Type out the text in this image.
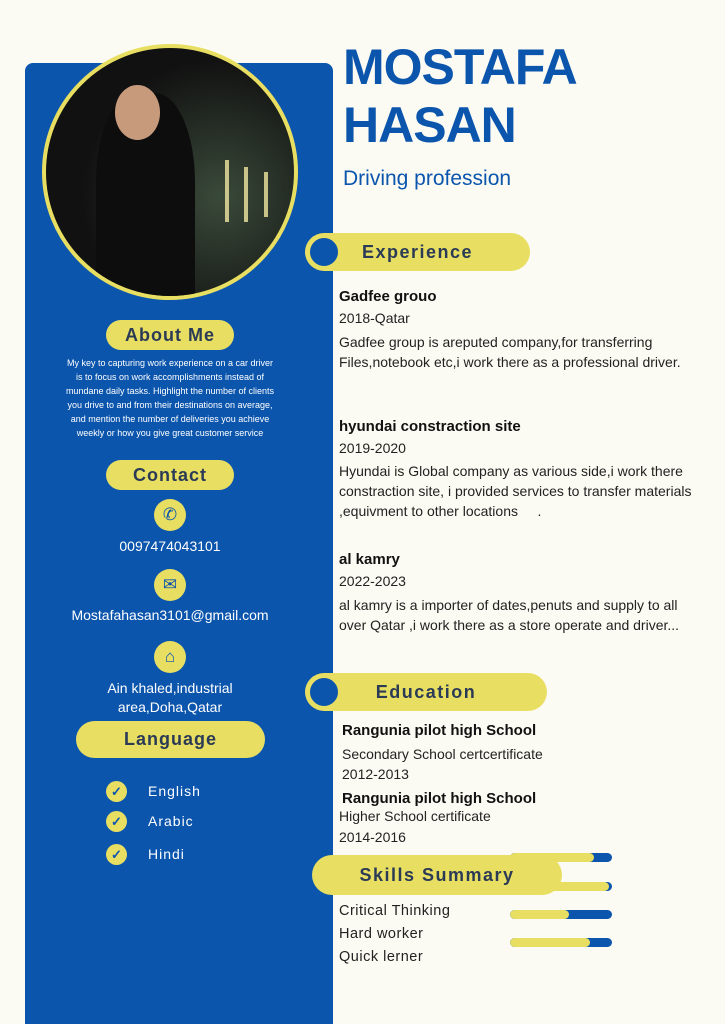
MOSTAFA
HASAN
Driving profession
About Me
My key to capturing work experience on a car driver is to focus on work accomplishments instead of mundane daily tasks. Highlight the number of clients you drive to and from their destinations on average, and mention the number of deliveries you achieve weekly or how you give great customer service
Contact
✆
0097474043101
✉
Mostafahasan3101@gmail.com
⌂
Ain khaled,industrial
area,Doha,Qatar
Language
✓	English
✓	Arabic
✓	Hindi
Experience
Gadfee grouo
2018-Qatar
Gadfee group is areputed company,for transferring
Files,notebook etc,i work there as a professional driver.
hyundai constraction site
2019-2020
Hyundai is Global company as various side,i work there
constraction site, i provided services to transfer materials
,equivment to other locations     .
al kamry
2022-2023
al kamry is a importer of dates,penuts and supply to all
over Qatar ,i work there as a store operate and driver...
Education
Rangunia pilot high School
Secondary School certcertificate
2012-2013
Rangunia pilot high School
Higher School certificate
2014-2016
Skills Summary
Critical Thinking
Hard worker
Quick lerner
